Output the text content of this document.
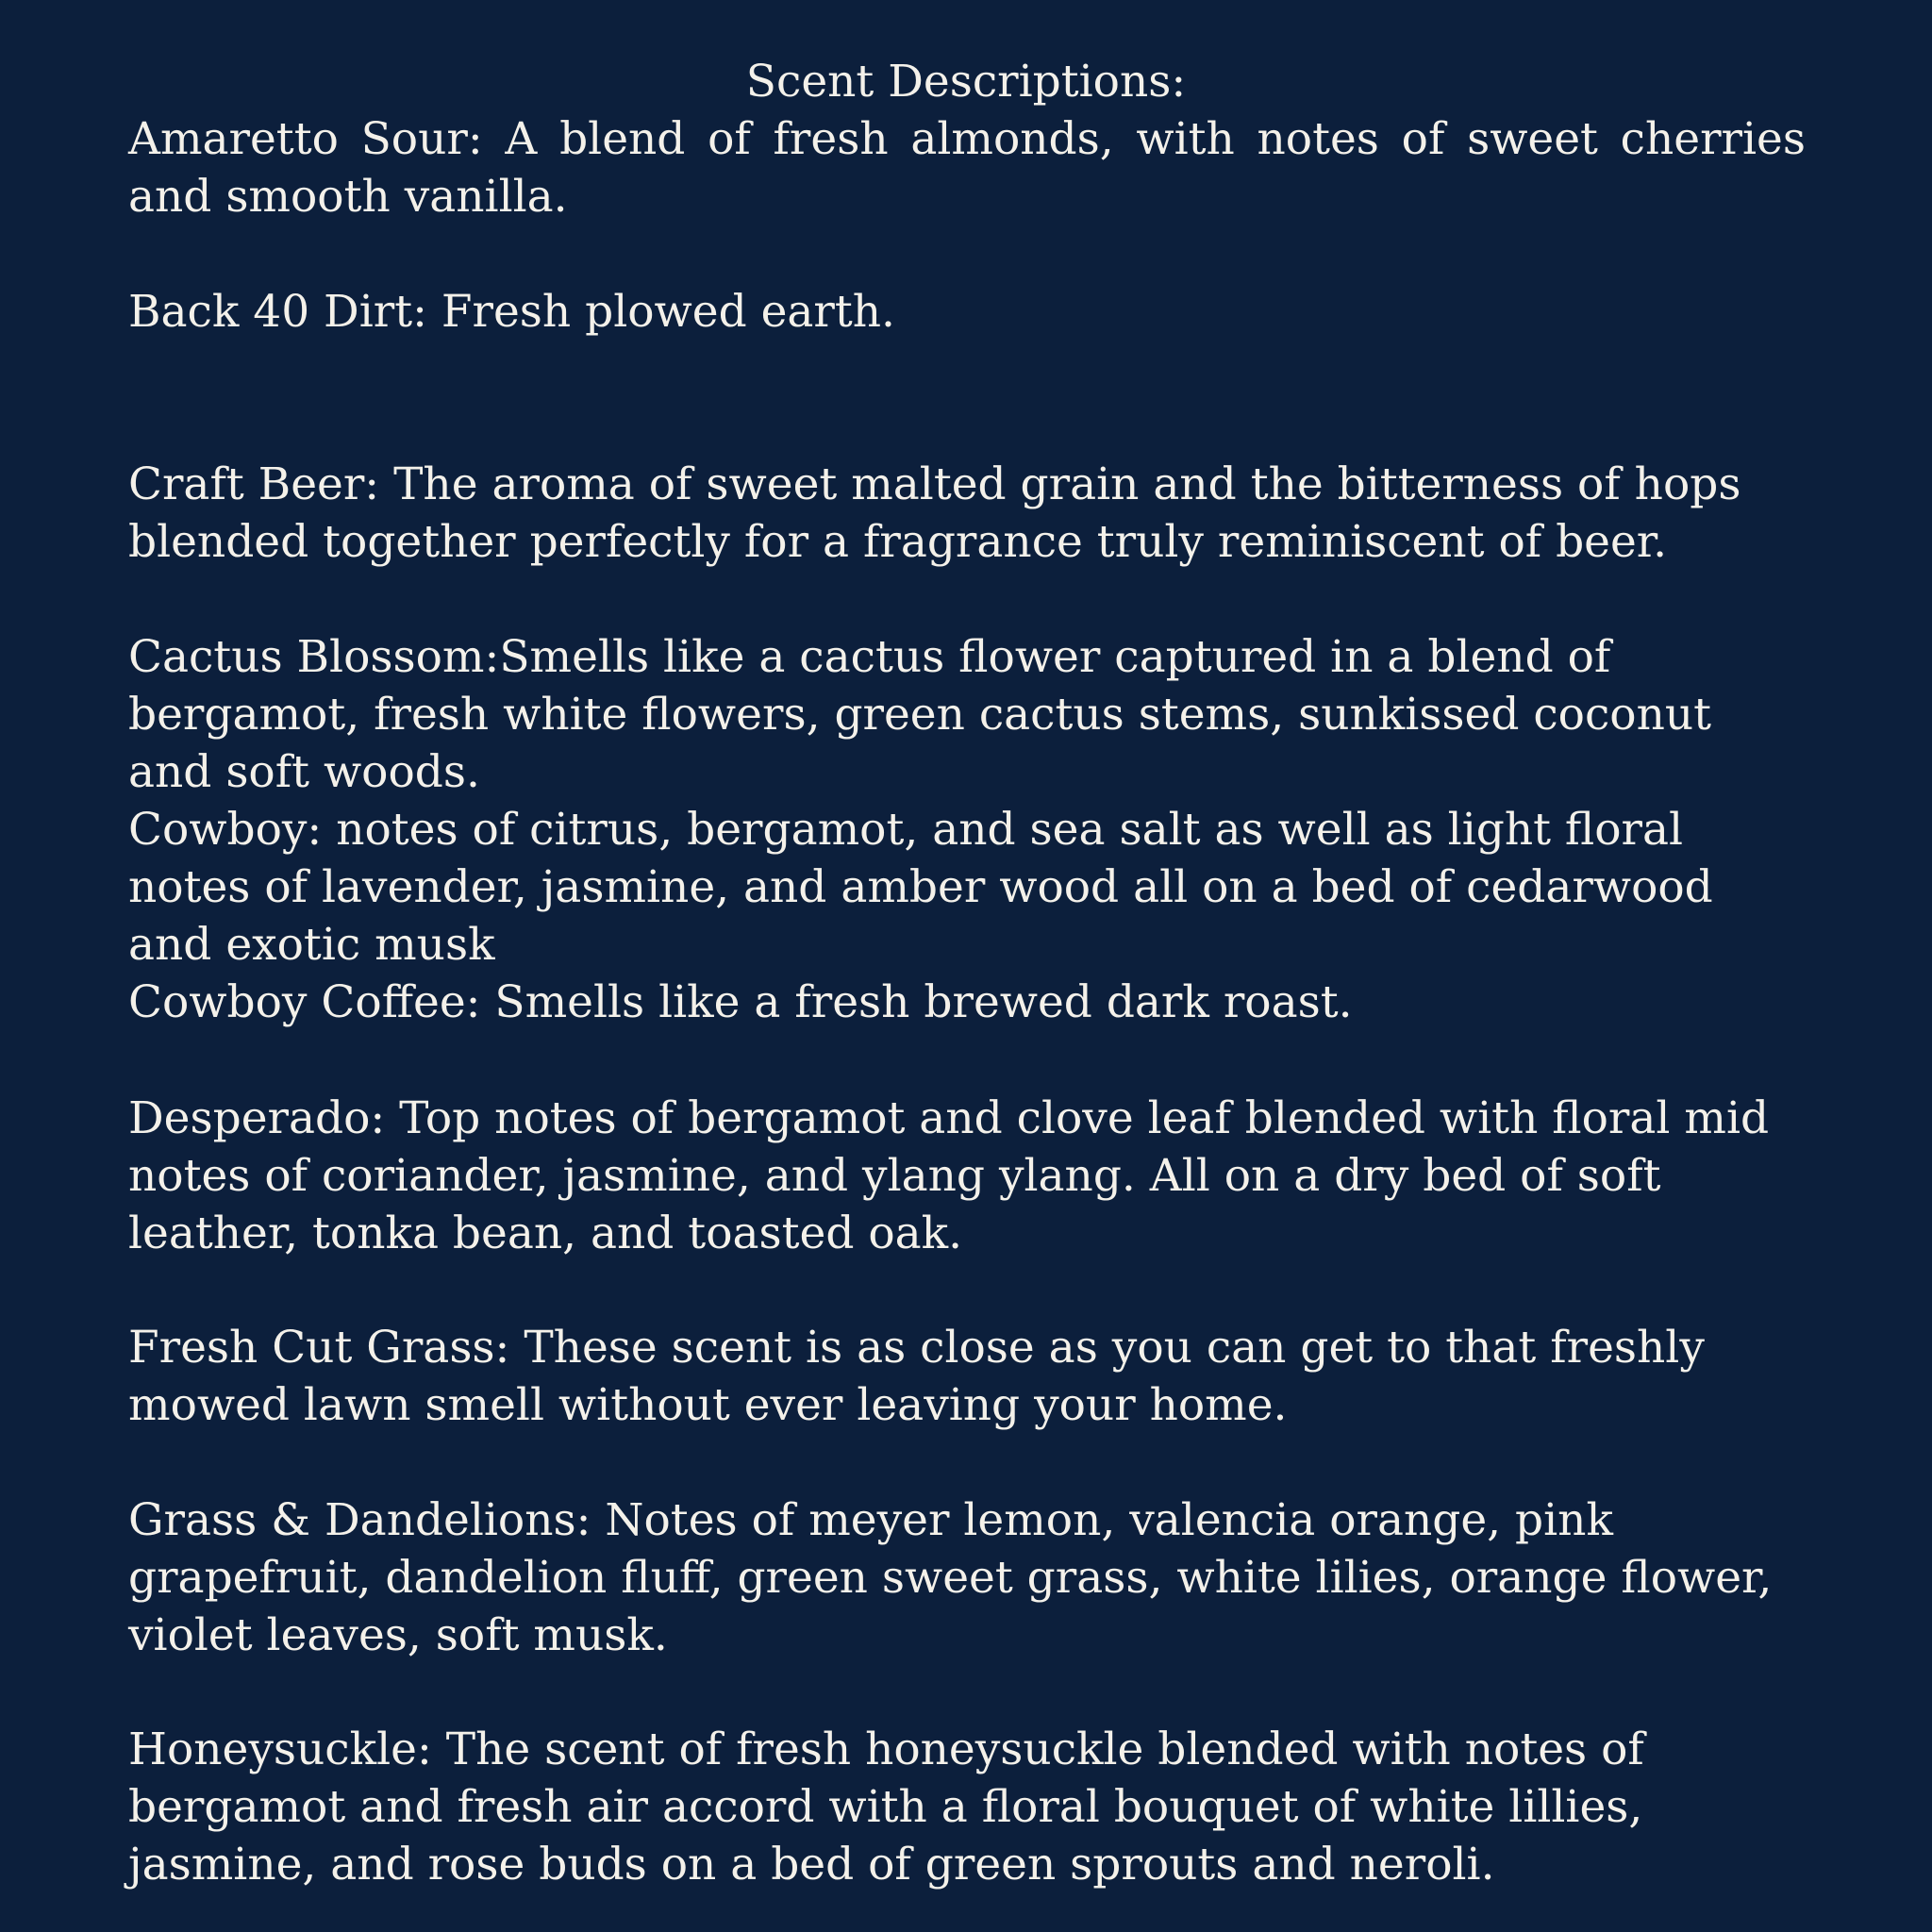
Scent Descriptions:

Amaretto Sour: A blend of fresh almonds, with notes of sweet cherries and smooth vanilla.

Back 40 Dirt: Fresh plowed earth.

Craft Beer: The aroma of sweet malted grain and the bitterness of hops blended together perfectly for a fragrance truly reminiscent of beer.

Cactus Blossom:Smells like a cactus flower captured in a blend of bergamot, fresh white flowers, green cactus stems, sunkissed coconut and soft woods.

Cowboy: notes of citrus, bergamot, and sea salt as well as light floral notes of lavender, jasmine, and amber wood all on a bed of cedarwood and exotic musk

Cowboy Coffee: Smells like a fresh brewed dark roast.

Desperado: Top notes of bergamot and clove leaf blended with floral mid notes of coriander, jasmine, and ylang ylang. All on a dry bed of soft leather, tonka bean, and toasted oak.

Fresh Cut Grass: These scent is as close as you can get to that freshly mowed lawn smell without ever leaving your home.

Grass & Dandelions: Notes of meyer lemon, valencia orange, pink grapefruit, dandelion fluff, green sweet grass, white lilies, orange flower, violet leaves, soft musk.

Honeysuckle: The scent of fresh honeysuckle blended with notes of bergamot and fresh air accord with a floral bouquet of white lillies, jasmine, and rose buds on a bed of green sprouts and neroli.
